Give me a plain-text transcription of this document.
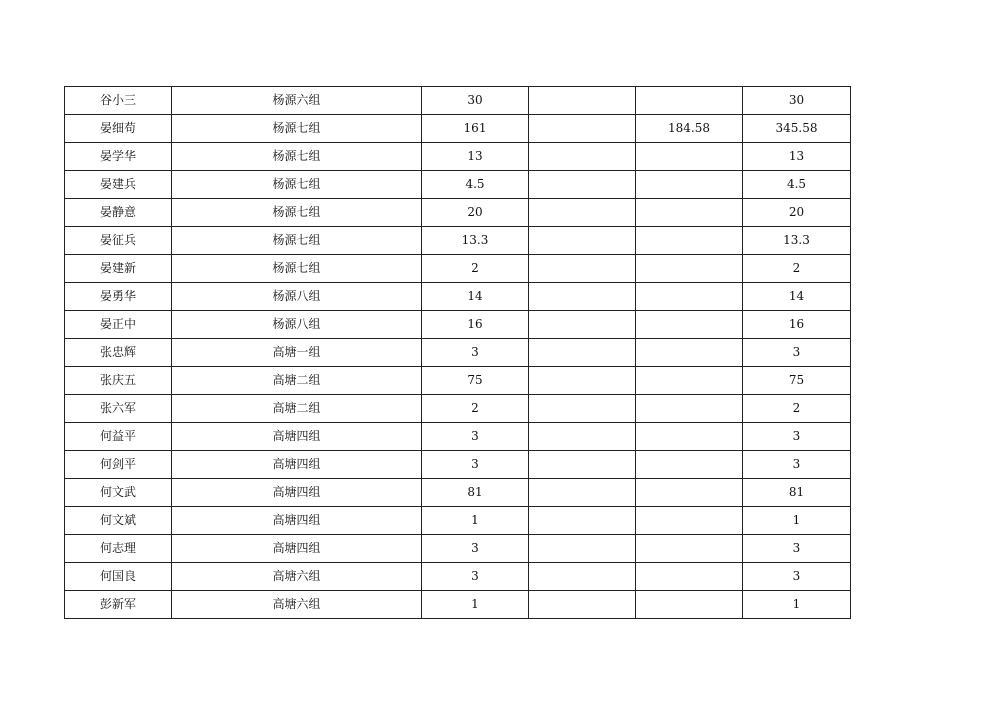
谷小三	杨源六组	30			30
晏细苟	杨源七组	161		184.58	345.58
晏学华	杨源七组	13			13
晏建兵	杨源七组	4.5			4.5
晏静意	杨源七组	20			20
晏征兵	杨源七组	13.3			13.3
晏建新	杨源七组	2			2
晏勇华	杨源八组	14			14
晏正中	杨源八组	16			16
张忠辉	高塘一组	3			3
张庆五	高塘二组	75			75
张六军	高塘二组	2			2
何益平	高塘四组	3			3
何剑平	高塘四组	3			3
何文武	高塘四组	81			81
何文斌	高塘四组	1			1
何志理	高塘四组	3			3
何国良	高塘六组	3			3
彭新军	高塘六组	1			1
